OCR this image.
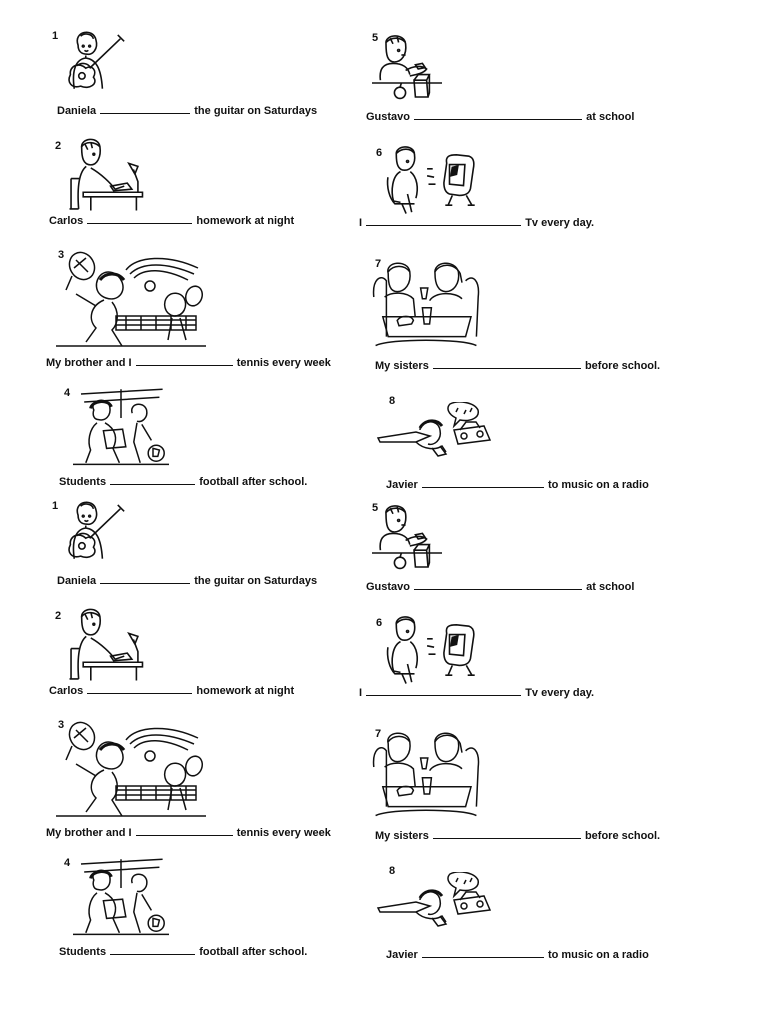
1
Daniela	the guitar on Saturdays
2
Carlos	homework at night
3
My brother and I	tennis every week
4
Students	football after school.
5
Gustavo	at school
6
I	Tv every day.
7
My sisters	before school.
8
Javier	to music on a radio
1
Daniela	the guitar on Saturdays
2
Carlos	homework at night
3
My brother and I	tennis every week
4
Students	football after school.
5
Gustavo	at school
6
I	Tv every day.
7
My sisters	before school.
8
Javier	to music on a radio
